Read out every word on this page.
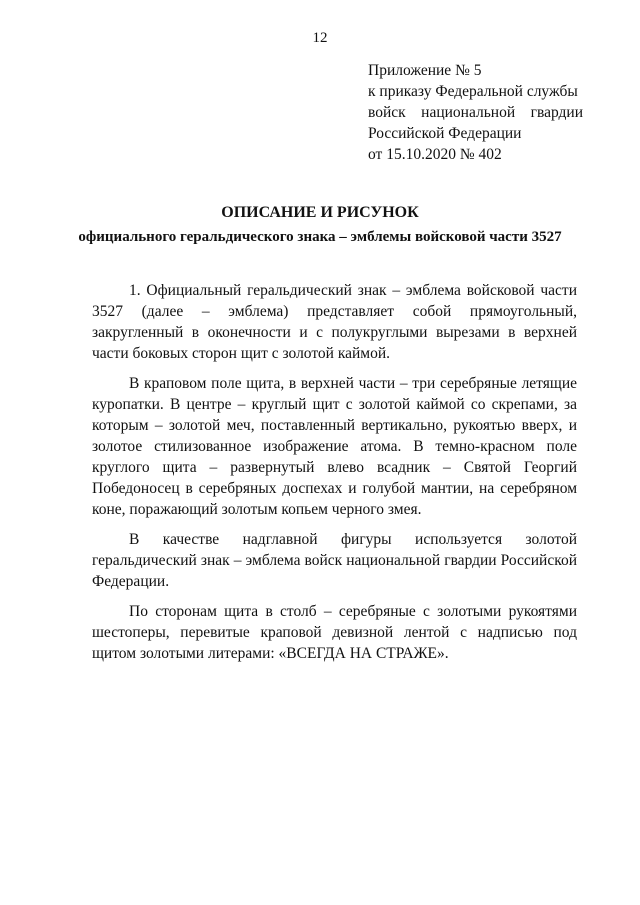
12
Приложение № 5
к приказу Федеральной службы
войск национальной гвардии
Российской Федерации
от 15.10.2020 № 402
ОПИСАНИЕ И РИСУНОК
официального геральдического знака – эмблемы войсковой части 3527

1. Официальный геральдический знак – эмблема войсковой части 3527 (далее – эмблема) представляет собой прямоугольный, закругленный в оконечности и с полукруглыми вырезами в верхней части боковых сторон щит с золотой каймой.

В краповом поле щита, в верхней части – три серебряные летящие куропатки. В центре – круглый щит с золотой каймой со скрепами, за которым – золотой меч, поставленный вертикально, рукоятью вверх, и золотое стилизованное изображение атома. В темно-красном поле круглого щита – развернутый влево всадник – Святой Георгий Победоносец в серебряных доспехах и голубой мантии, на серебряном коне, поражающий золотым копьем черного змея.

В качестве надглавной фигуры используется золотой геральдический знак – эмблема войск национальной гвардии Российской Федерации.

По сторонам щита в столб – серебряные с золотыми рукоятями шестоперы, перевитые краповой девизной лентой с надписью под щитом золотыми литерами: «ВСЕГДА НА СТРАЖЕ».
